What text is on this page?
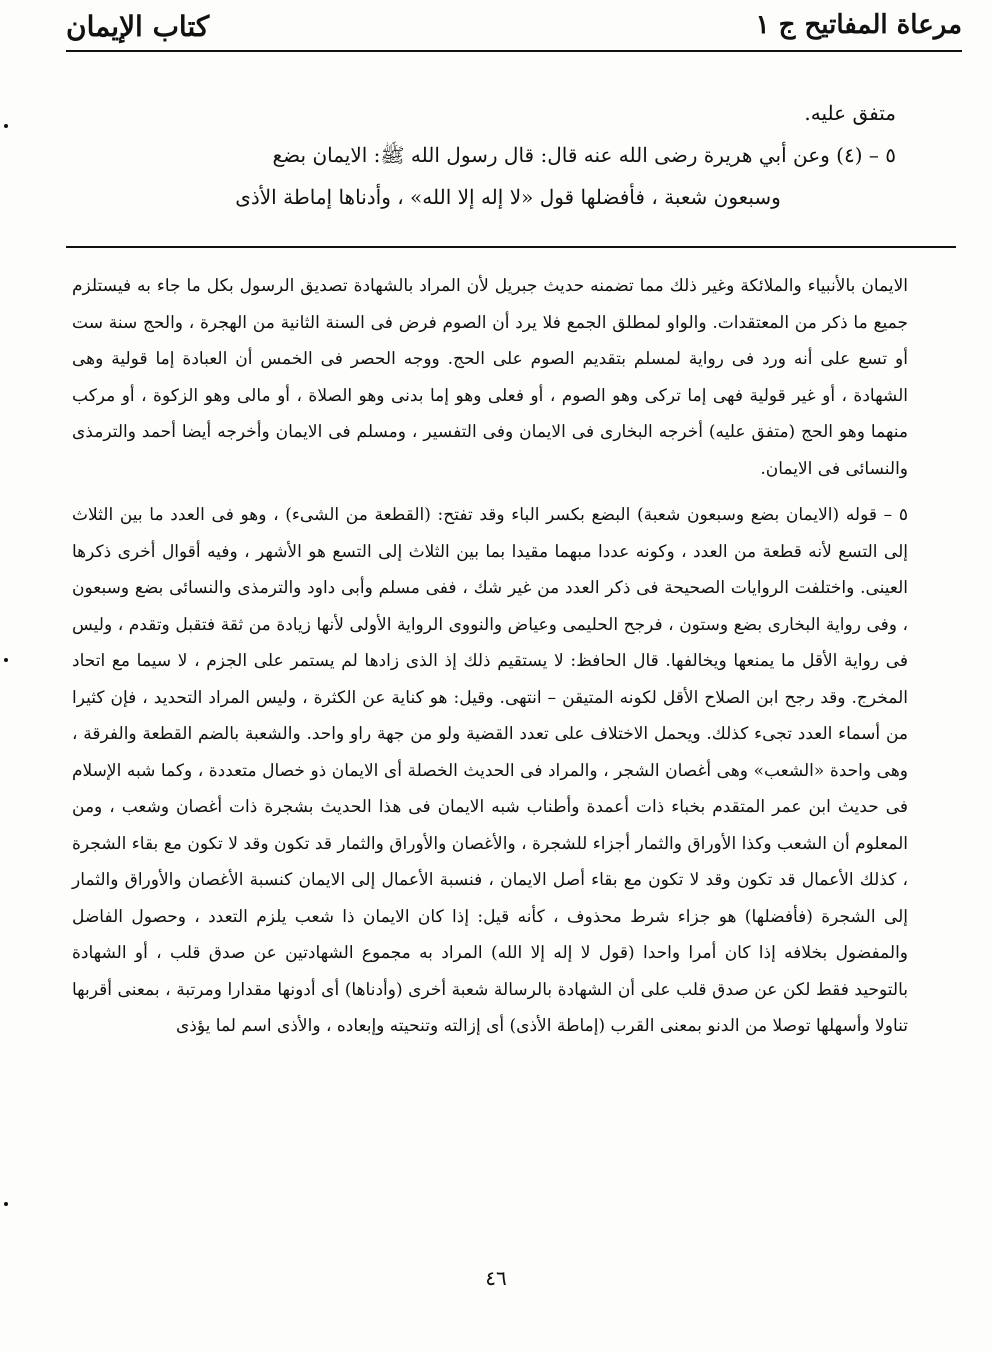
مرعاة المفاتيح ج ١
كتاب الإيمان

متفق عليه.

٥ – (٤) وعن أبي هريرة رضى الله عنه قال: قال رسول الله ﷺ: الايمان بضع

وسبعون شعبة ، فأفضلها قول «لا إله إلا الله» ، وأدناها إماطة الأذى

الايمان بالأنبياء والملائكة وغير ذلك مما تضمنه حديث جبريل لأن المراد بالشهادة تصديق الرسول بكل ما جاء به فيستلزم جميع ما ذكر من المعتقدات. والواو لمطلق الجمع فلا يرد أن الصوم فرض فى السنة الثانية من الهجرة ، والحج سنة ست أو تسع على أنه ورد فى رواية لمسلم بتقديم الصوم على الحج. ووجه الحصر فى الخمس أن العبادة إما قولية وهى الشهادة ، أو غير قولية فهى إما تركى وهو الصوم ، أو فعلى وهو إما بدنى وهو الصلاة ، أو مالى وهو الزكوة ، أو مركب منهما وهو الحج (متفق عليه) أخرجه البخارى فى الايمان وفى التفسير ، ومسلم فى الايمان وأخرجه أيضا أحمد والترمذى والنسائى فى الايمان.

٥ – قوله (الايمان بضع وسبعون شعبة) البضع بكسر الباء وقد تفتح: (القطعة من الشىء) ، وهو فى العدد ما بين الثلاث إلى التسع لأنه قطعة من العدد ، وكونه عددا مبهما مقيدا بما بين الثلاث إلى التسع هو الأشهر ، وفيه أقوال أخرى ذكرها العينى. واختلفت الروايات الصحيحة فى ذكر العدد من غير شك ، ففى مسلم وأبى داود والترمذى والنسائى بضع وسبعون ، وفى رواية البخارى بضع وستون ، فرجح الحليمى وعياض والنووى الرواية الأولى لأنها زيادة من ثقة فتقبل وتقدم ، وليس فى رواية الأقل ما يمنعها ويخالفها. قال الحافظ: لا يستقيم ذلك إذ الذى زادها لم يستمر على الجزم ، لا سيما مع اتحاد المخرج. وقد رجح ابن الصلاح الأقل لكونه المتيقن – انتهى. وقيل: هو كناية عن الكثرة ، وليس المراد التحديد ، فإن كثيرا من أسماء العدد تجىء كذلك. ويحمل الاختلاف على تعدد القضية ولو من جهة راو واحد. والشعبة بالضم القطعة والفرقة ، وهى واحدة «الشعب» وهى أغصان الشجر ، والمراد فى الحديث الخصلة أى الايمان ذو خصال متعددة ، وكما شبه الإسلام فى حديث ابن عمر المتقدم بخباء ذات أعمدة وأطناب شبه الايمان فى هذا الحديث بشجرة ذات أغصان وشعب ، ومن المعلوم أن الشعب وكذا الأوراق والثمار أجزاء للشجرة ، والأغصان والأوراق والثمار قد تكون وقد لا تكون مع بقاء الشجرة ، كذلك الأعمال قد تكون وقد لا تكون مع بقاء أصل الايمان ، فنسبة الأعمال إلى الايمان كنسبة الأغصان والأوراق والثمار إلى الشجرة (فأفضلها) هو جزاء شرط محذوف ، كأنه قيل: إذا كان الايمان ذا شعب يلزم التعدد ، وحصول الفاضل والمفضول بخلافه إذا كان أمرا واحدا (قول لا إله إلا الله) المراد به مجموع الشهادتين عن صدق قلب ، أو الشهادة بالتوحيد فقط لكن عن صدق قلب على أن الشهادة بالرسالة شعبة أخرى (وأدناها) أى أدونها مقدارا ومرتبة ، بمعنى أقربها تناولا وأسهلها توصلا من الدنو بمعنى القرب (إماطة الأذى) أى إزالته وتنحيته وإبعاده ، والأذى اسم لما يؤذى

٤٦
